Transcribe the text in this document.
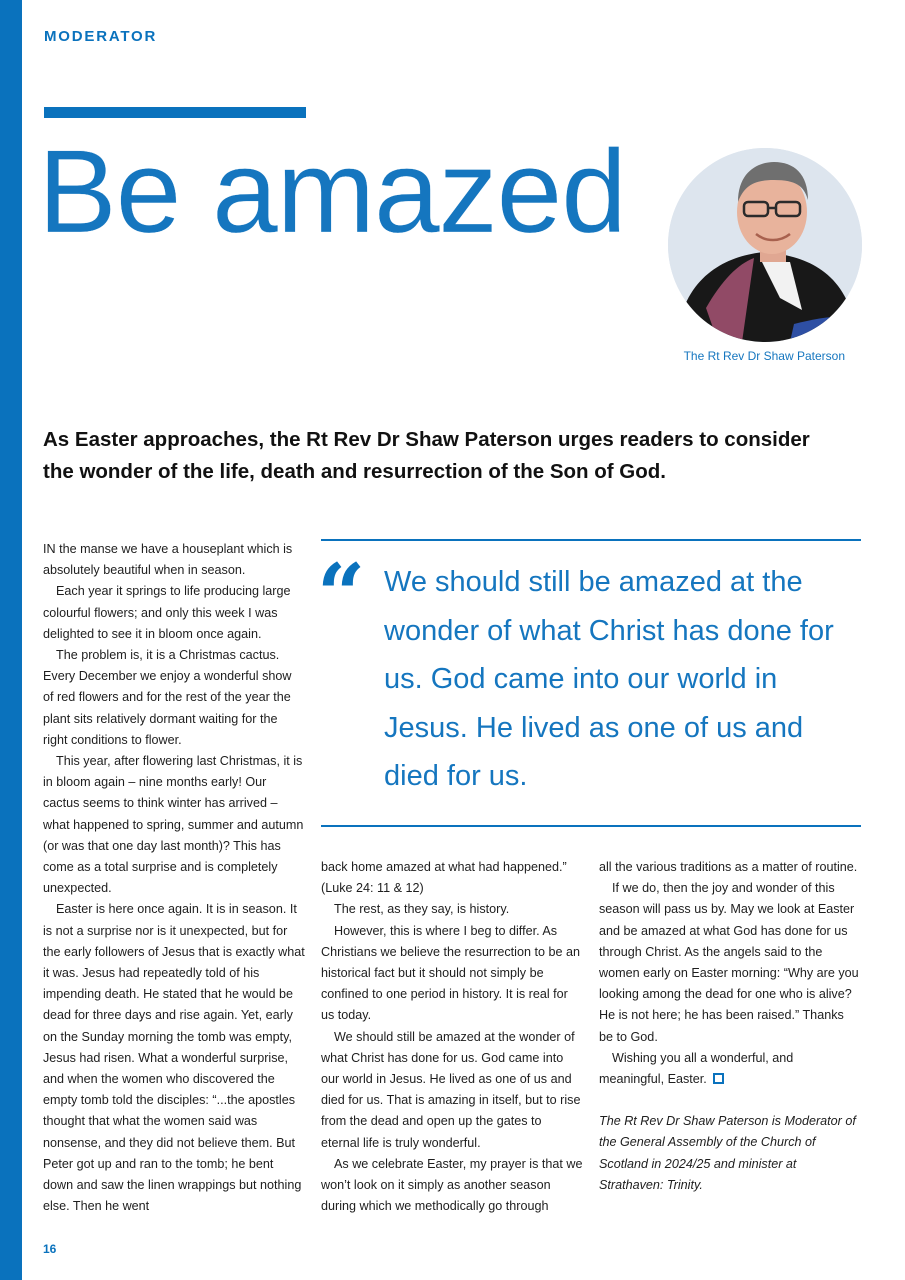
MODERATOR
Be amazed

The Rt Rev Dr Shaw Paterson

As Easter approaches, the Rt Rev Dr Shaw Paterson urges readers to consider the wonder of the life, death and resurrection of the Son of God.

IN the manse we have a houseplant which is absolutely beautiful when in season.

Each year it springs to life producing large colourful flowers; and only this week I was delighted to see it in bloom once again.

The problem is, it is a Christmas cactus. Every December we enjoy a wonderful show of red flowers and for the rest of the year the plant sits relatively dormant waiting for the right conditions to flower.

This year, after flowering last Christmas, it is in bloom again – nine months early! Our cactus seems to think winter has arrived – what happened to spring, summer and autumn (or was that one day last month)? This has come as a total surprise and is completely unexpected.

Easter is here once again. It is in season. It is not a surprise nor is it unexpected, but for the early followers of Jesus that is exactly what it was. Jesus had repeatedly told of his impending death. He stated that he would be dead for three days and rise again. Yet, early on the Sunday morning the tomb was empty, Jesus had risen. What a wonderful surprise, and when the women who discovered the empty tomb told the disciples: “...the apostles thought that what the women said was nonsense, and they did not believe them. But Peter got up and ran to the tomb; he bent down and saw the linen wrappings but nothing else. Then he went

“ We should still be amazed at the wonder of what Christ has done for us. God came into our world in Jesus. He lived as one of us and died for us.

back home amazed at what had happened.” (Luke 24: 11 & 12)

The rest, as they say, is history.

However, this is where I beg to differ. As Christians we believe the resurrection to be an historical fact but it should not simply be confined to one period in history. It is real for us today.

We should still be amazed at the wonder of what Christ has done for us. God came into our world in Jesus. He lived as one of us and died for us. That is amazing in itself, but to rise from the dead and open up the gates to eternal life is truly wonderful.

As we celebrate Easter, my prayer is that we won’t look on it simply as another season during which we methodically go through

all the various traditions as a matter of routine.

If we do, then the joy and wonder of this season will pass us by. May we look at Easter and be amazed at what God has done for us through Christ. As the angels said to the women early on Easter morning: “Why are you looking among the dead for one who is alive? He is not here; he has been raised.” Thanks be to God.

Wishing you all a wonderful, and meaningful, Easter.

The Rt Rev Dr Shaw Paterson is Moderator of the General Assembly of the Church of Scotland in 2024/25 and minister at Strathaven: Trinity.

16
